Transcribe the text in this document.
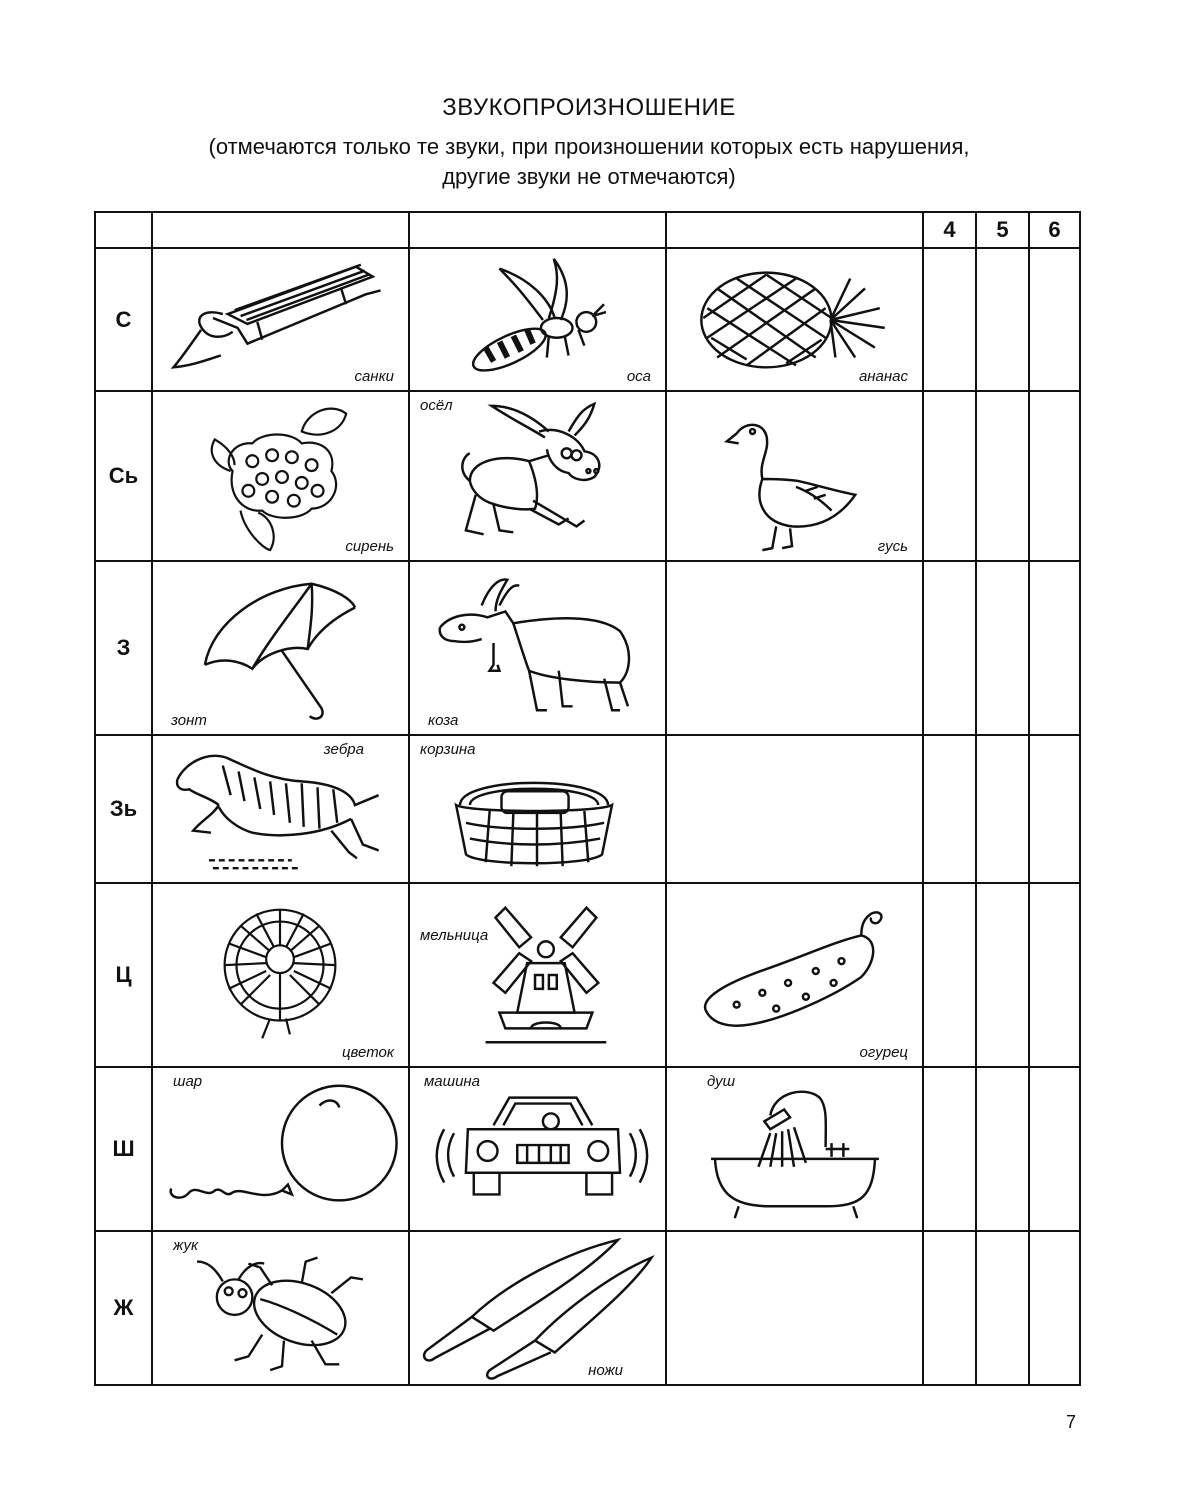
ЗВУКОПРОИЗНОШЕНИЕ
(отмечаются только те звуки, при произношении которых есть нарушения,
другие звуки не отмечаются)
				4	5	6
С	санки	оса	ананас			

Сь	сирень	осёл	гусь			

З	зонт	коза				

Зь	зебра	корзина				

Ц	цветок	мельница	огурец			

Ш	шар	машина	душ			

Ж	жук	ножи				

7
